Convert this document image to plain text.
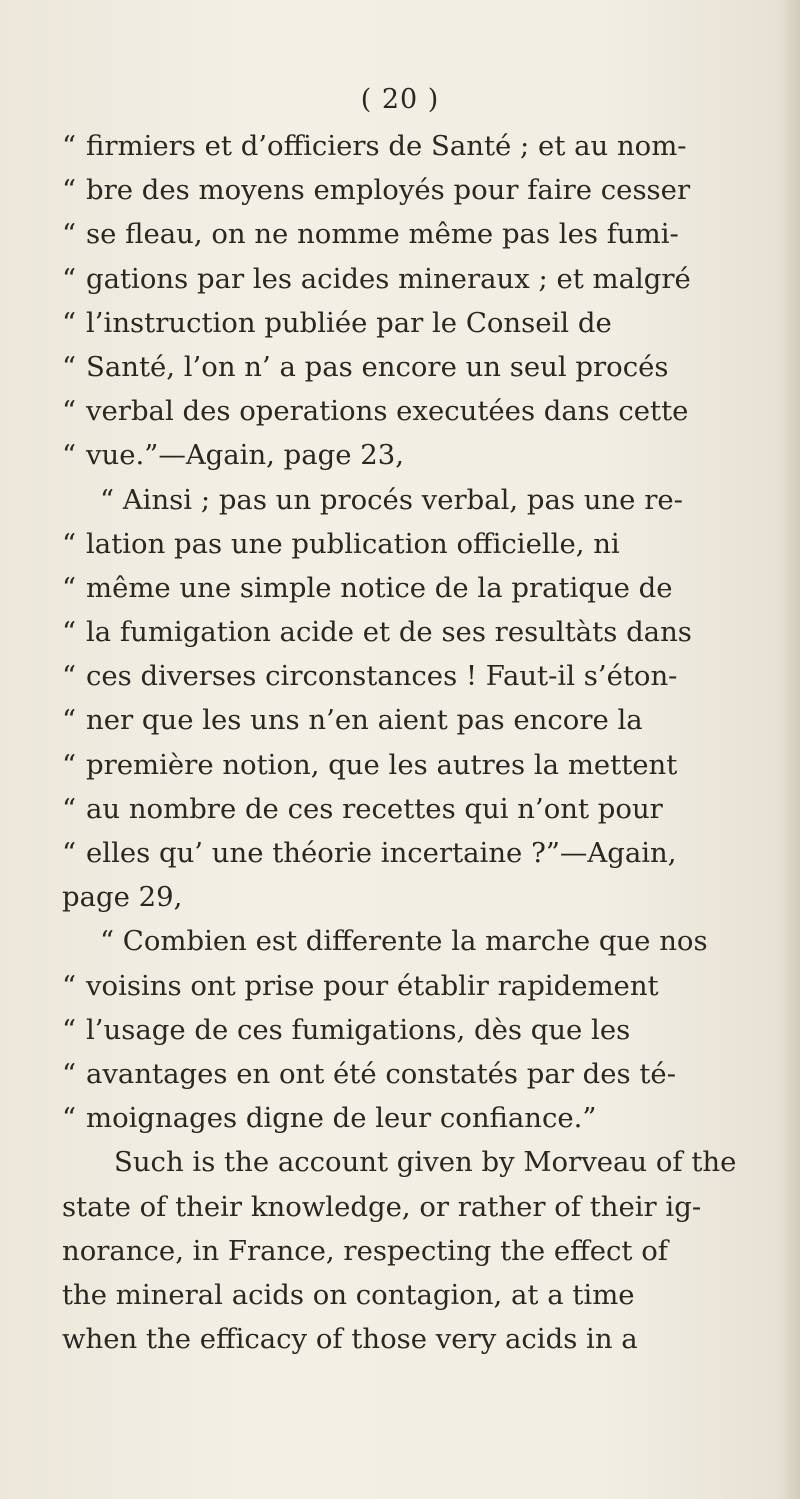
( 20 )
“ firmiers et d’officiers de Santé ; et au nom-
“ bre des moyens employés pour faire cesser
“ se fleau, on ne nomme même pas les fumi-
“ gations par les acides mineraux ; et malgré
“ l’instruction publiée par le Conseil de
“ Santé, l’on n’ a pas encore un seul procés
“ verbal des operations executées dans cette
“ vue.”—Again, page 23,
“ Ainsi ; pas un procés verbal, pas une re-
“ lation pas une publication officielle, ni
“ même une simple notice de la pratique de
“ la fumigation acide et de ses resultàts dans
“ ces diverses circonstances ! Faut-il s’éton-
“ ner que les uns n’en aient pas encore la
“ première notion, que les autres la mettent
“ au nombre de ces recettes qui n’ont pour
“ elles qu’ une théorie incertaine ?”—Again,
page 29,
“ Combien est differente la marche que nos
“ voisins ont prise pour établir rapidement
“ l’usage de ces fumigations, dès que les
“ avantages en ont été constatés par des té-
“ moignages digne de leur confiance.”
Such is the account given by Morveau of the
state of their knowledge, or rather of their ig-
norance, in France, respecting the effect of
the mineral acids on contagion, at a time
when the efficacy of those very acids in a
